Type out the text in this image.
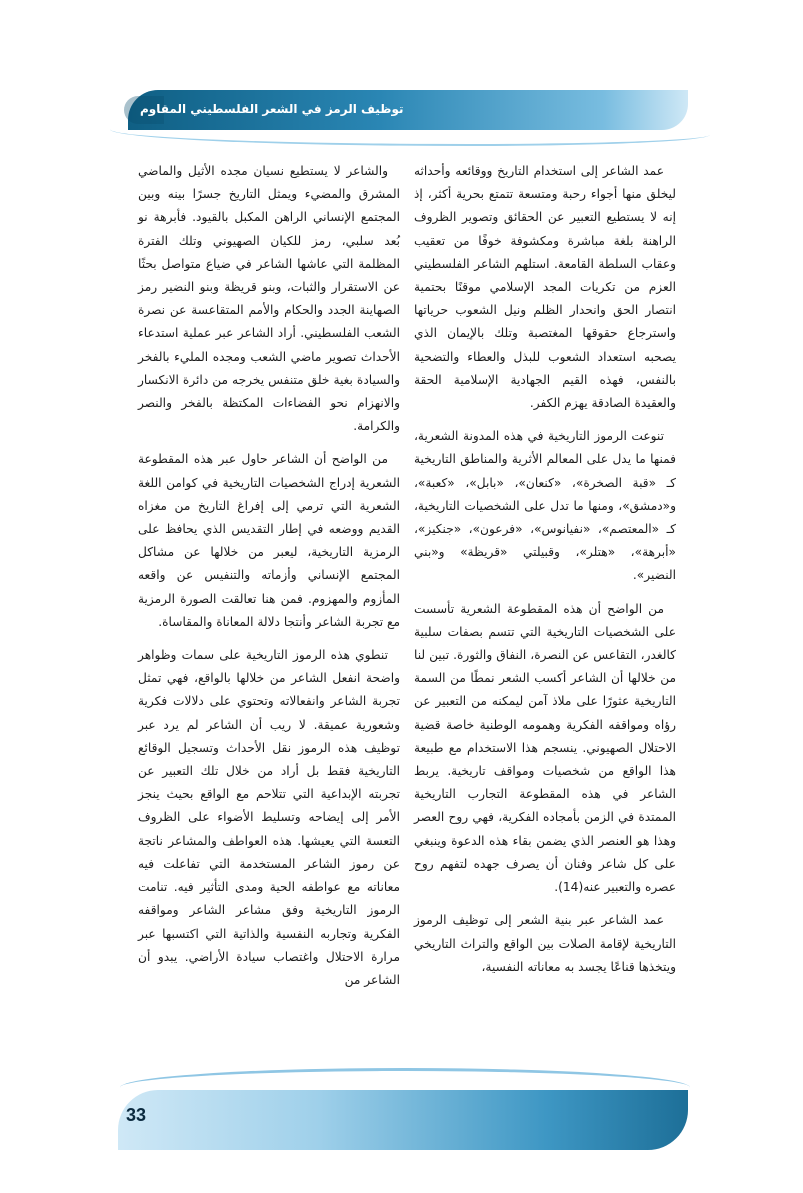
توظيف الرمز في الشعر الفلسطيني المقاوم

عمد الشاعر إلى استخدام التاريخ ووقائعه وأحداثه ليخلق منها أجواء رحبة ومتسعة تتمتع بحرية أكثر، إذ إنه لا يستطيع التعبير عن الحقائق وتصوير الظروف الراهنة بلغة مباشرة ومكشوفة خوفًا من تعقيب وعقاب السلطة القامعة. استلهم الشاعر الفلسطيني العزم من تكريات المجد الإسلامي موقنًا بحتمية انتصار الحق وانحدار الظلم ونيل الشعوب حرياتها واسترجاع حقوقها المغتصبة وتلك بالإيمان الذي يصحبه استعداد الشعوب للبذل والعطاء والتضحية بالنفس، فهذه القيم الجهادية الإسلامية الحقة والعقيدة الصادقة يهزم الكفر.

تنوعت الرموز التاريخية في هذه المدونة الشعرية، فمنها ما يدل على المعالم الأثرية والمناطق التاريخية كـ «قبة الصخرة»، «كنعان»، «بابل»، «كعبة»، و«دمشق»، ومنها ما تدل على الشخصيات التاريخية، كـ «المعتصم»، «نفيانوس»، «فرعون»، «جنكيز»، «أبرهة»، «هتلر»، وقبيلتي «قريظة» و«بني النضير».

من الواضح أن هذه المقطوعة الشعرية تأسست على الشخصيات التاريخية التي تتسم بصفات سلبية كالغدر، التقاعس عن النصرة، النفاق والثورة. تبين لنا من خلالها أن الشاعر أكسب الشعر نمطًا من السمة التاريخية عثورًا على ملاذ آمن ليمكنه من التعبير عن رؤاه ومواقفه الفكرية وهمومه الوطنية خاصة قضية الاحتلال الصهيوني. ينسجم هذا الاستخدام مع طبيعة هذا الواقع من شخصيات ومواقف تاريخية. يربط الشاعر في هذه المقطوعة التجارب التاريخية الممتدة في الزمن بأمجاده الفكرية، فهي روح العصر وهذا هو العنصر الذي يضمن بقاء هذه الدعوة وينبغي على كل شاعر وفنان أن يصرف جهده لتفهم روح عصره والتعبير عنه(14).

عمد الشاعر عبر بنية الشعر إلى توظيف الرموز التاريخية لإقامة الصلات بين الواقع والتراث التاريخي ويتخذها قناعًا يجسد به معاناته النفسية،

والشاعر لا يستطيع نسيان مجده الأثيل والماضي المشرق والمضيء ويمثل التاريخ جسرًا بينه وبين المجتمع الإنساني الراهن المكبل بالقيود. فأبرهة نو بُعد سلبي، رمز للكيان الصهيوني وتلك الفترة المظلمة التي عاشها الشاعر في ضياع متواصل بحثًا عن الاستقرار والثبات، وبنو قريظة وبنو النضير رمز الصهاينة الجدد والحكام والأمم المتقاعسة عن نصرة الشعب الفلسطيني. أراد الشاعر عبر عملية استدعاء الأحداث تصوير ماضي الشعب ومجده المليء بالفخر والسيادة بغية خلق متنفس يخرجه من دائرة الانكسار والانهزام نحو الفضاءات المكتظة بالفخر والنصر والكرامة.

من الواضح أن الشاعر حاول عبر هذه المقطوعة الشعرية إدراج الشخصيات التاريخية في كوامن اللغة الشعرية التي ترمي إلى إفراغ التاريخ من مغزاه القديم ووضعه في إطار التقديس الذي يحافظ على الرمزية التاريخية، ليعبر من خلالها عن مشاكل المجتمع الإنساني وأزماته والتنفيس عن واقعه المأزوم والمهزوم. فمن هنا تعالقت الصورة الرمزية مع تجربة الشاعر وأنتجا دلالة المعاناة والمقاساة.

تنطوي هذه الرموز التاريخية على سمات وظواهر واضحة انفعل الشاعر من خلالها بالواقع، فهي تمثل تجربة الشاعر وانفعالاته وتحتوي على دلالات فكرية وشعورية عميقة. لا ريب أن الشاعر لم يرد عبر توظيف هذه الرموز نقل الأحداث وتسجيل الوقائع التاريخية فقط بل أراد من خلال تلك التعبير عن تجربته الإبداعية التي تتلاحم مع الواقع بحيث ينجز الأمر إلى إيضاحه وتسليط الأضواء على الظروف التعسة التي يعيشها. هذه العواطف والمشاعر ناتجة عن رموز الشاعر المستخدمة التي تفاعلت فيه معاناته مع عواطفه الحية ومدى التأثير فيه. تنامت الرموز التاريخية وفق مشاعر الشاعر ومواقفه الفكرية وتجاربه النفسية والذاتية التي اكتسبها عبر مرارة الاحتلال واغتصاب سيادة الأراضي. يبدو أن الشاعر من

33
